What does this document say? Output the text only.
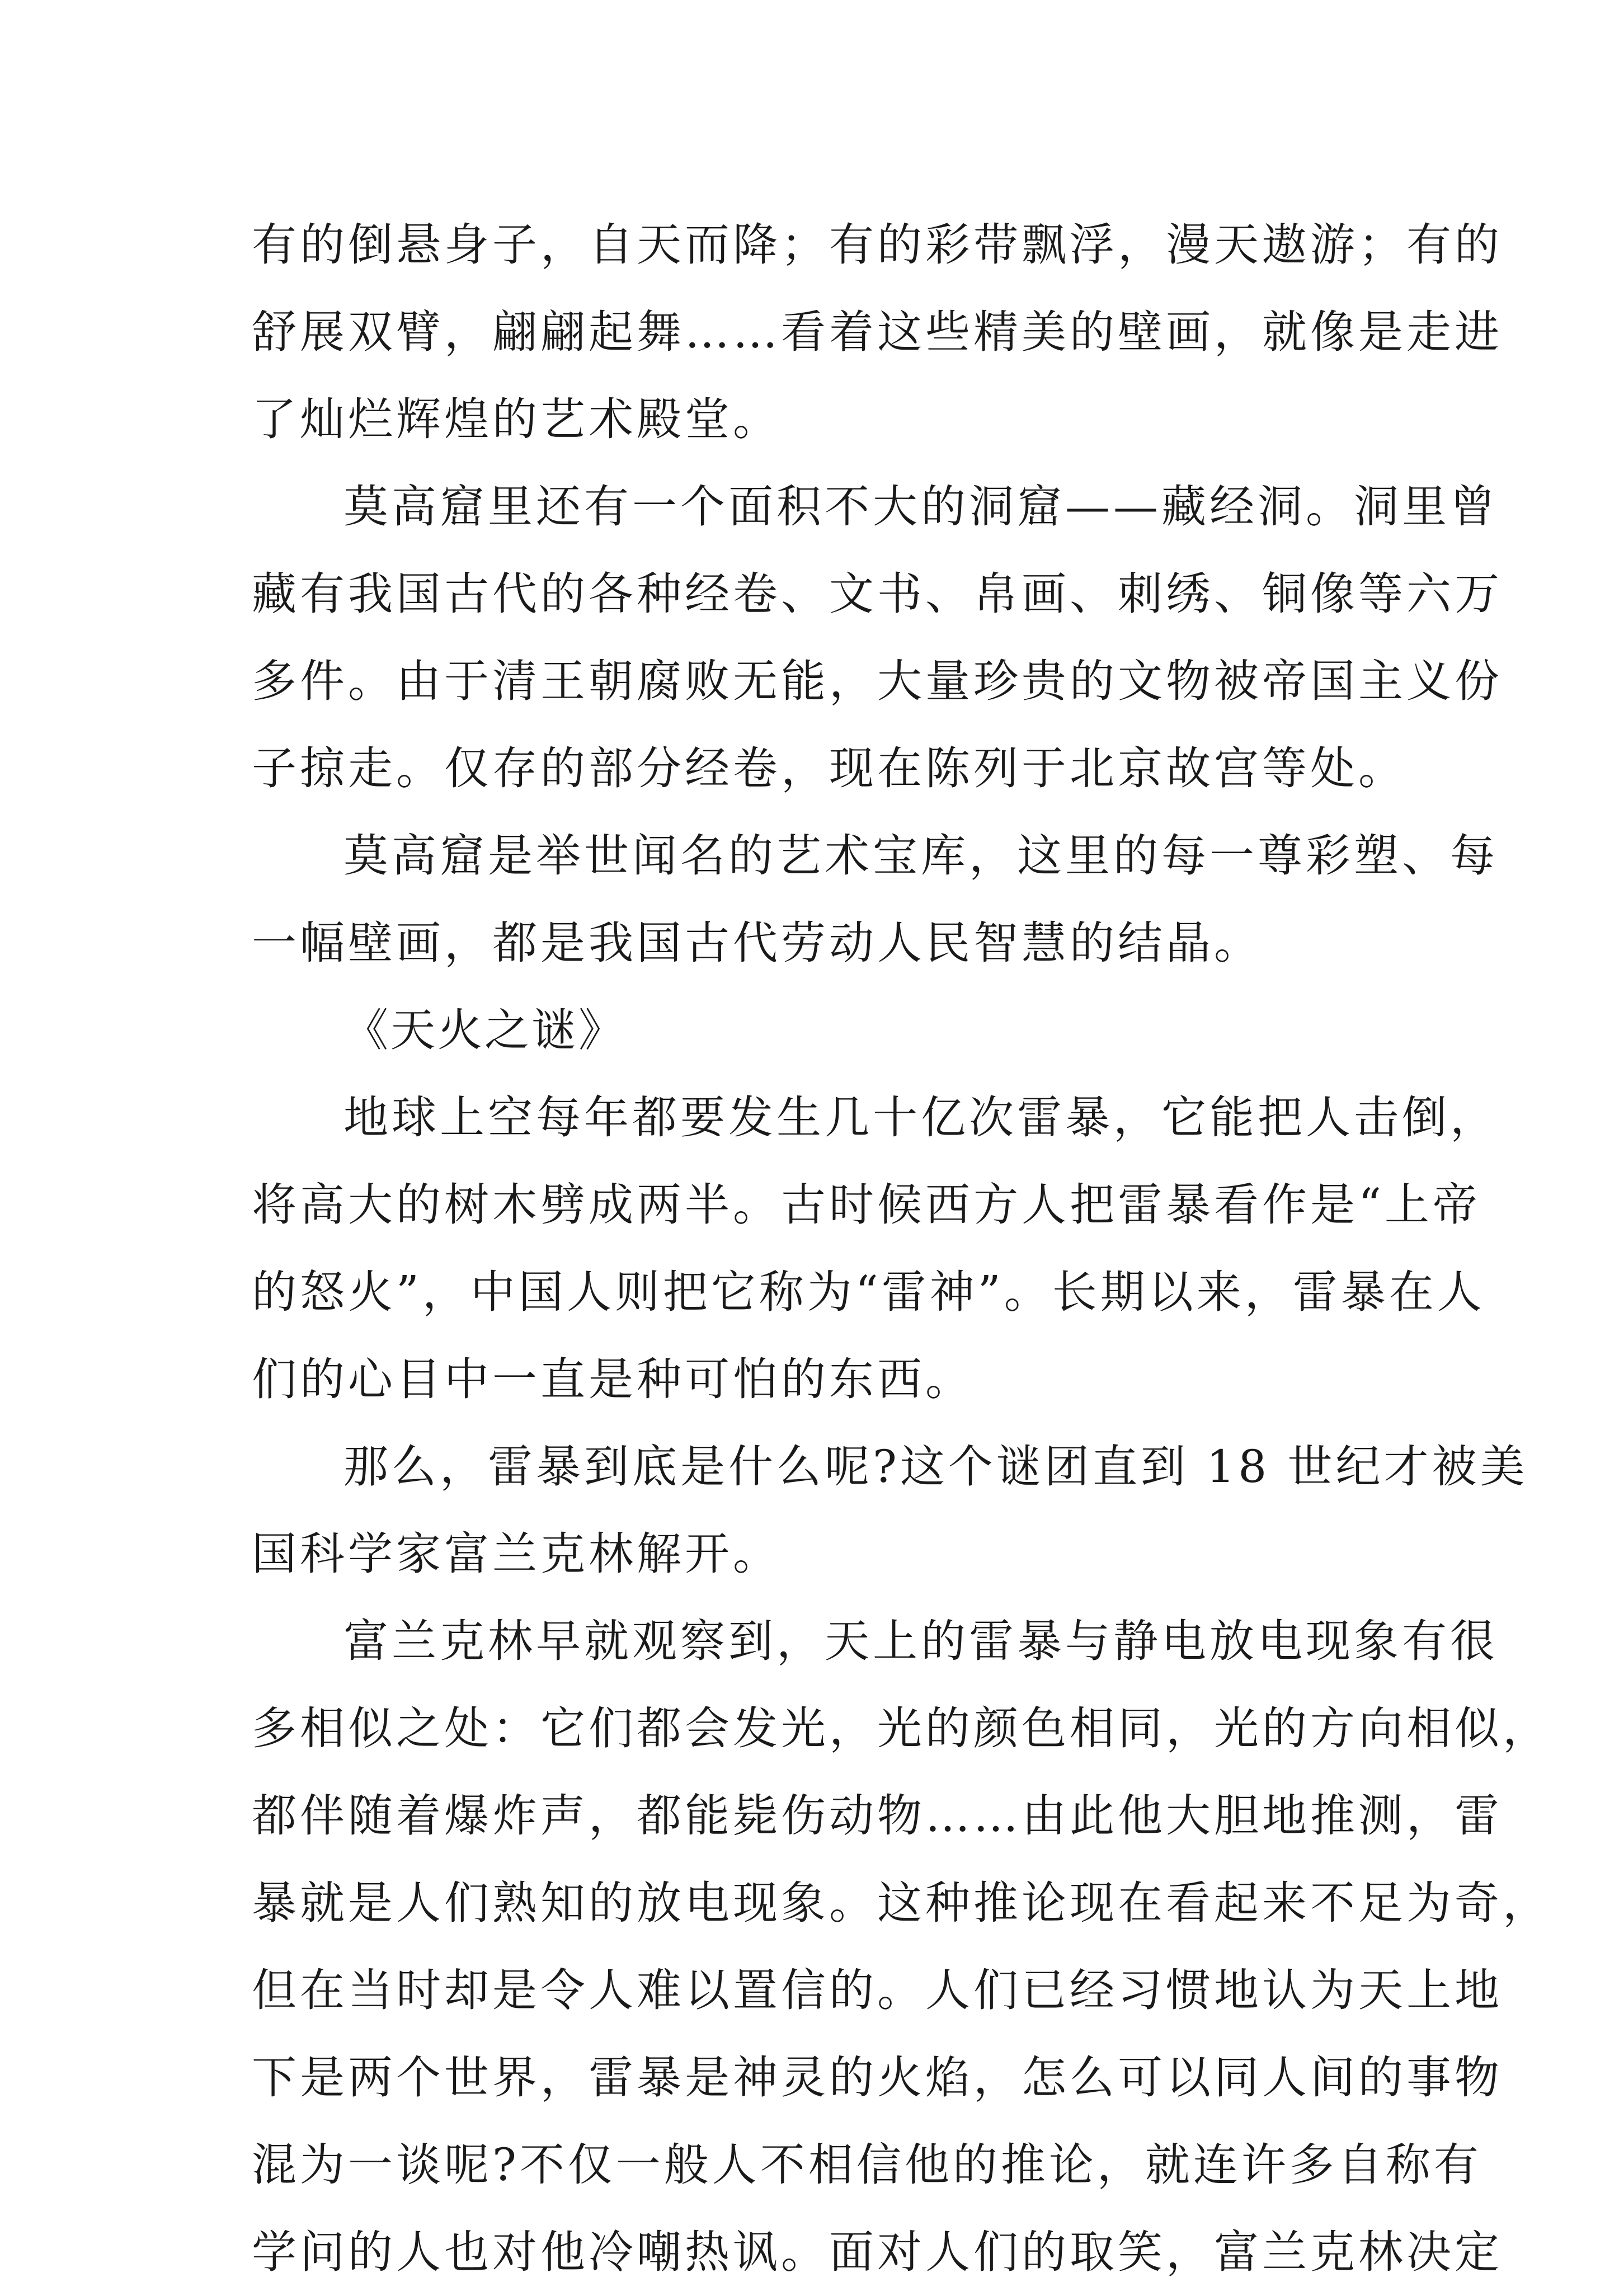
有的倒悬身子，自天而降；有的彩带飘浮，漫天遨游；有的
舒展双臂，翩翩起舞……看着这些精美的壁画，就像是走进
了灿烂辉煌的艺术殿堂。
莫高窟里还有一个面积不大的洞窟——藏经洞。洞里曾
藏有我国古代的各种经卷、文书、帛画、刺绣、铜像等六万
多件。由于清王朝腐败无能，大量珍贵的文物被帝国主义份
子掠走。仅存的部分经卷，现在陈列于北京故宫等处。
莫高窟是举世闻名的艺术宝库，这里的每一尊彩塑、每
一幅壁画，都是我国古代劳动人民智慧的结晶。
《天火之谜》
地球上空每年都要发生几十亿次雷暴，它能把人击倒，
将高大的树木劈成两半。古时候西方人把雷暴看作是“上帝
的怒火”，中国人则把它称为“雷神”。长期以来，雷暴在人
们的心目中一直是种可怕的东西。
那么，雷暴到底是什么呢?这个谜团直到 18 世纪才被美
国科学家富兰克林解开。
富兰克林早就观察到，天上的雷暴与静电放电现象有很
多相似之处：它们都会发光，光的颜色相同，光的方向相似，
都伴随着爆炸声，都能毙伤动物……由此他大胆地推测，雷
暴就是人们熟知的放电现象。这种推论现在看起来不足为奇，
但在当时却是令人难以置信的。人们已经习惯地认为天上地
下是两个世界，雷暴是神灵的火焰，怎么可以同人间的事物
混为一谈呢?不仅一般人不相信他的推论，就连许多自称有
学问的人也对他冷嘲热讽。面对人们的取笑，富兰克林决定
